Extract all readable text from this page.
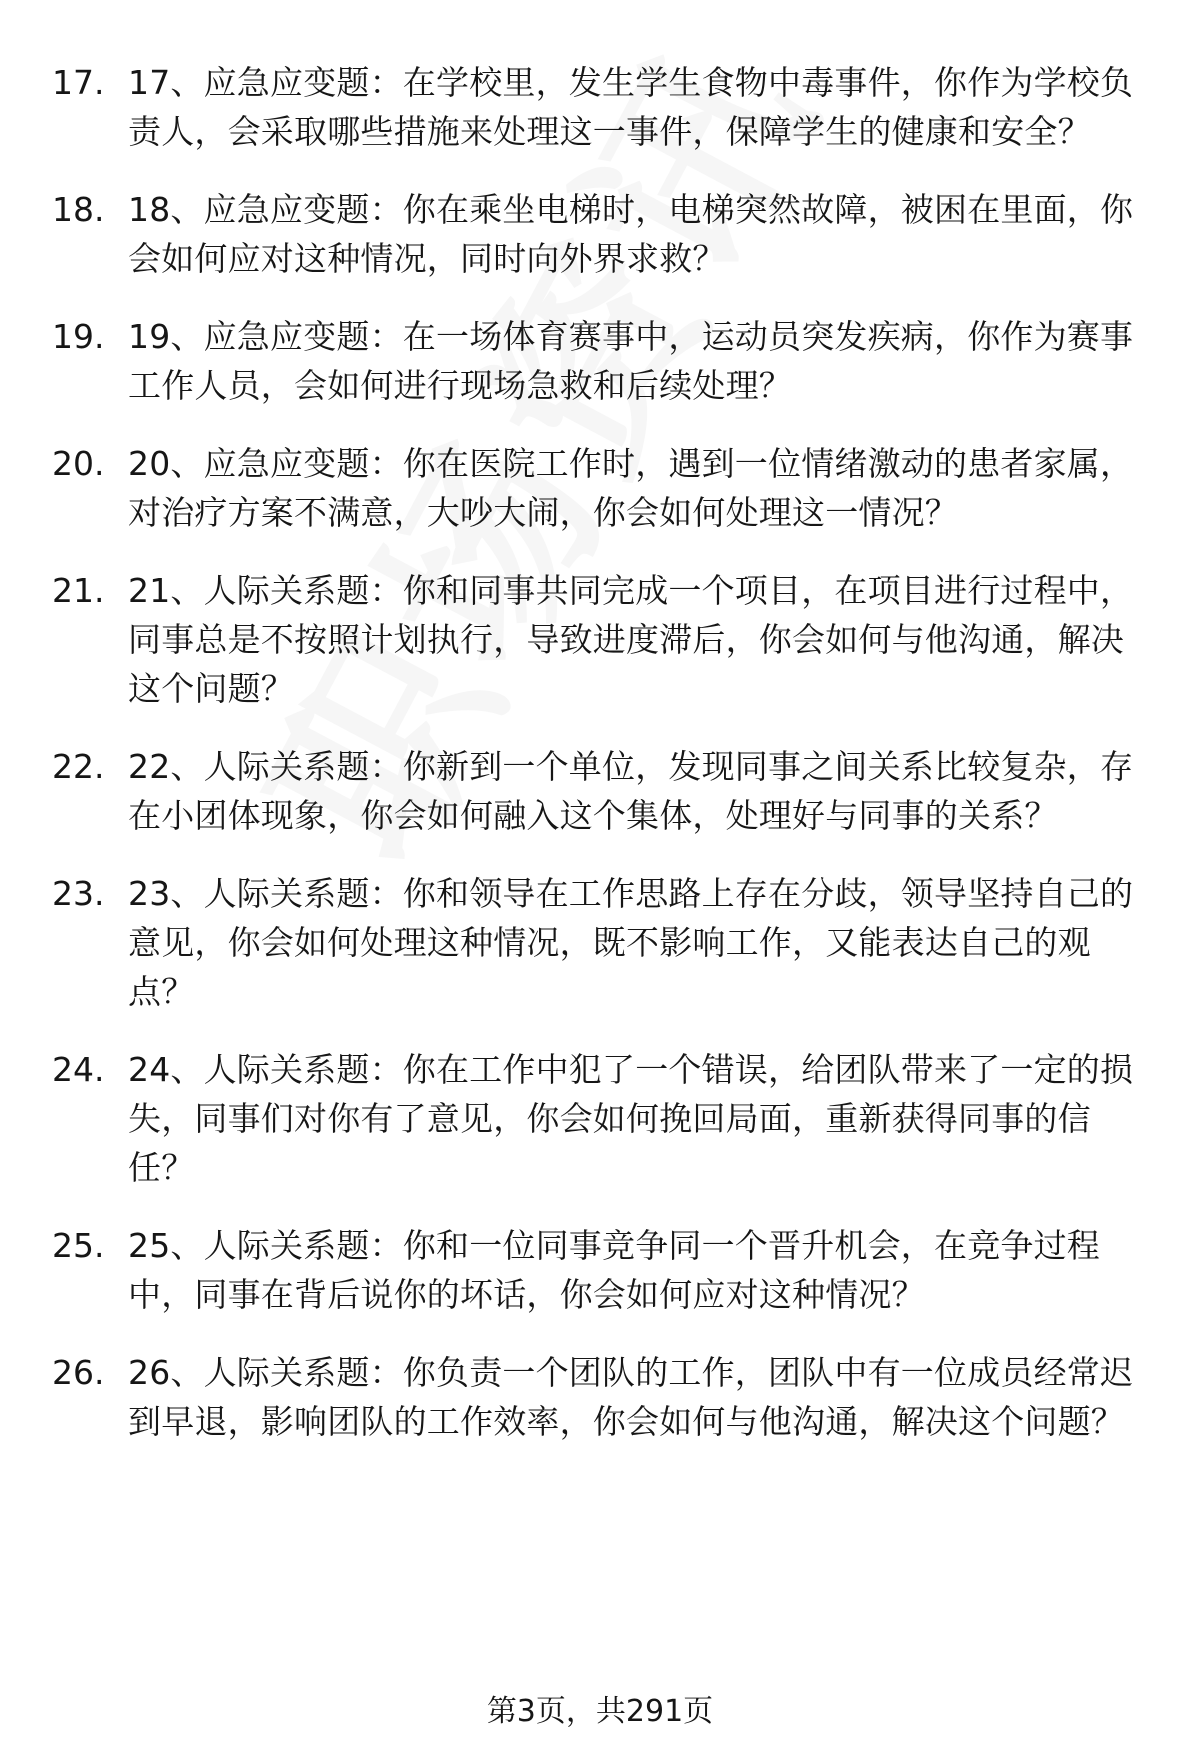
17. 17、应急应变题：在学校里，发生学生食物中毒事件，你作为学校负责人，会采取哪些措施来处理这一事件，保障学生的健康和安全？
18. 18、应急应变题：你在乘坐电梯时，电梯突然故障，被困在里面，你会如何应对这种情况，同时向外界求救？
19. 19、应急应变题：在一场体育赛事中，运动员突发疾病，你作为赛事工作人员，会如何进行现场急救和后续处理？
20. 20、应急应变题：你在医院工作时，遇到一位情绪激动的患者家属，对治疗方案不满意，大吵大闹，你会如何处理这一情况？
21. 21、人际关系题：你和同事共同完成一个项目，在项目进行过程中，同事总是不按照计划执行，导致进度滞后，你会如何与他沟通，解决这个问题？
22. 22、人际关系题：你新到一个单位，发现同事之间关系比较复杂，存在小团体现象，你会如何融入这个集体，处理好与同事的关系？
23. 23、人际关系题：你和领导在工作思路上存在分歧，领导坚持自己的意见，你会如何处理这种情况，既不影响工作，又能表达自己的观点？
24. 24、人际关系题：你在工作中犯了一个错误，给团队带来了一定的损失，同事们对你有了意见，你会如何挽回局面，重新获得同事的信任？
25. 25、人际关系题：你和一位同事竞争同一个晋升机会，在竞争过程中，同事在背后说你的坏话，你会如何应对这种情况？
26. 26、人际关系题：你负责一个团队的工作，团队中有一位成员经常迟到早退，影响团队的工作效率，你会如何与他沟通，解决这个问题？
第3页，共291页
